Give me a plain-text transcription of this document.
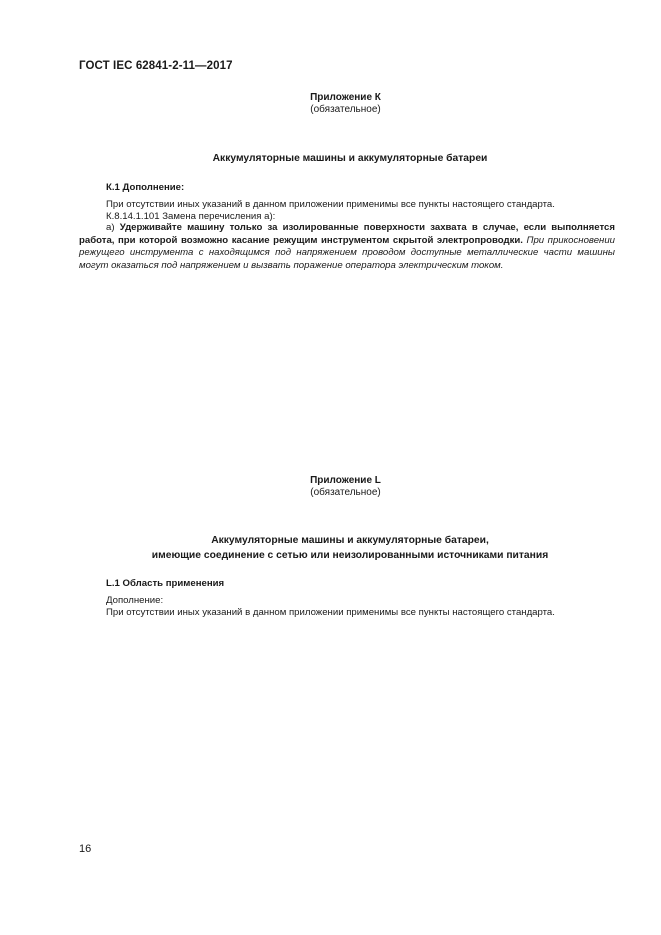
ГОСТ IEC 62841-2-11—2017
Приложение К
(обязательное)
Аккумуляторные машины и аккумуляторные батареи
К.1 Дополнение:
При отсутствии иных указаний в данном приложении применимы все пункты настоящего стандарта.
К.8.14.1.101 Замена перечисления а):
a) Удерживайте машину только за изолированные поверхности захвата в случае, если выполняется работа, при которой возможно касание режущим инструментом скрытой электропроводки. При прикосновении режущего инструмента с находящимся под напряжением проводом доступные металлические части машины могут оказаться под напряжением и вызвать поражение оператора электрическим током.
Приложение L
(обязательное)
Аккумуляторные машины и аккумуляторные батареи,
имеющие соединение с сетью или неизолированными источниками питания
L.1 Область применения
Дополнение:
При отсутствии иных указаний в данном приложении применимы все пункты настоящего стандарта.
16
